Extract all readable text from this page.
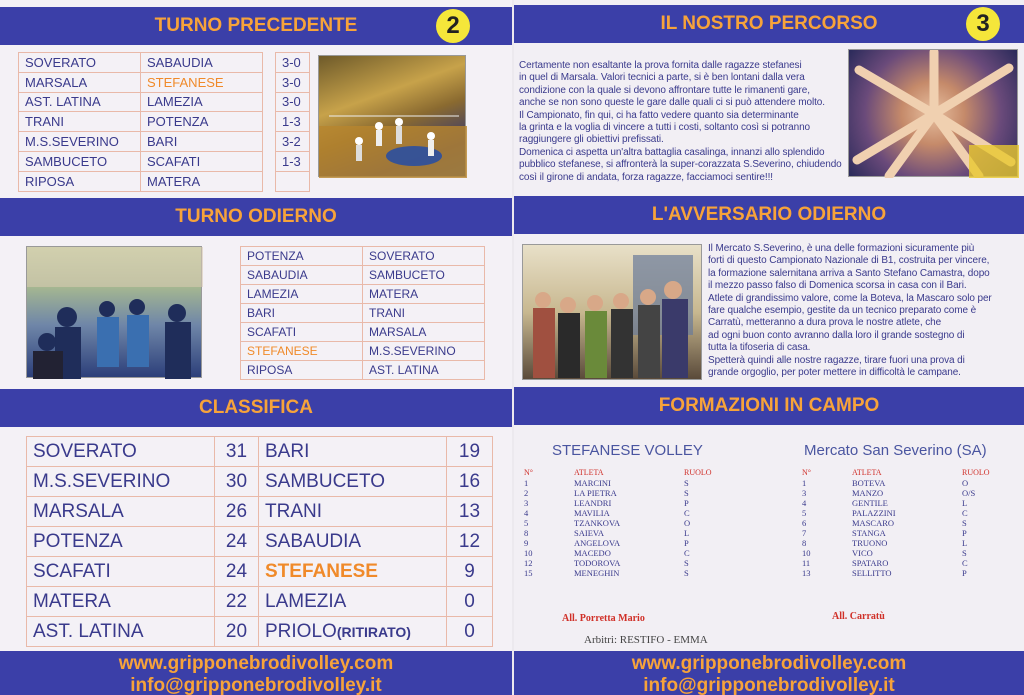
TURNO PRECEDENTE	2
SOVERATO	SABAUDIA		3-0
MARSALA	STEFANESE		3-0
AST. LATINA	LAMEZIA		3-0
TRANI	POTENZA		1-3
M.S.SEVERINO	BARI		3-2
SAMBUCETO	SCAFATI		1-3
RIPOSA	MATERA		
TURNO ODIERNO
POTENZA	SOVERATO
SABAUDIA	SAMBUCETO
LAMEZIA	MATERA
BARI	TRANI
SCAFATI	MARSALA
STEFANESE	M.S.SEVERINO
RIPOSA	AST. LATINA
CLASSIFICA
SOVERATO	31	BARI	19
M.S.SEVERINO	30	SAMBUCETO	16
MARSALA	26	TRANI	13
POTENZA	24	SABAUDIA	12
SCAFATI	24	STEFANESE	9
MATERA	22	LAMEZIA	0
AST. LATINA	20	PRIOLO(RITIRATO)	0
www.gripponebrodivolley.com
info@gripponebrodivolley.it
IL NOSTRO PERCORSO	3
Certamente non esaltante la prova fornita dalle ragazze stefanesi
in quel di Marsala. Valori tecnici a parte, si è ben lontani dalla vera
condizione con la quale si devono affrontare tutte le rimanenti gare,
anche se non sono queste le gare dalle quali ci si può attendere molto.
Il Campionato, fin qui, ci ha fatto vedere quanto sia determinante
la grinta e la voglia di vincere a tutti i costi, soltanto così si potranno
raggiungere gli obiettivi prefissati.
Domenica ci aspetta un'altra battaglia casalinga, innanzi allo splendido
pubblico stefanese, si affronterà la super-corazzata S.Severino, chiudendo
così il girone di andata, forza ragazze, facciamoci sentire!!!
L'AVVERSARIO ODIERNO
Il Mercato S.Severino, è una delle formazioni sicuramente più
forti di questo Campionato Nazionale di B1, costruita per vincere,
la formazione salernitana arriva a Santo Stefano Camastra, dopo
il mezzo passo falso di Domenica scorsa in casa con il Bari.
Atlete di grandissimo valore, come la Boteva, la Mascaro solo per
fare qualche esempio, gestite da un tecnico preparato come è
Carratù, metteranno a dura prova le nostre atlete, che
ad ogni buon conto avranno dalla loro il grande sostegno di
tutta la tifoseria di casa.
Spetterà quindi alle nostre ragazze, tirare fuori una prova di
grande orgoglio, per poter mettere in difficoltà le campane.
FORMAZIONI IN CAMPO
STEFANESE VOLLEY	Mercato San Severino (SA)
N°	ATLETA	RUOLO
1	MARCINI	S
2	LA PIETRA	S
3	LEANDRI	P
4	MAVILIA	C
5	TZANKOVA	O
8	SAIEVA	L
9	ANGELOVA	P
10	MACEDO	C
12	TODOROVA	S
15	MENEGHIN	S
N°	ATLETA	RUOLO
1	BOTEVA	O
3	MANZO	O/S
4	GENTILE	L
5	PALAZZINI	C
6	MASCARO	S
7	STANGA	P
8	TRUONO	L
10	VICO	S
11	SPATARO	C
13	SELLITTO	P
All. Porretta Mario	All. Carratù
Arbitri: RESTIFO - EMMA
www.gripponebrodivolley.com
info@gripponebrodivolley.it
